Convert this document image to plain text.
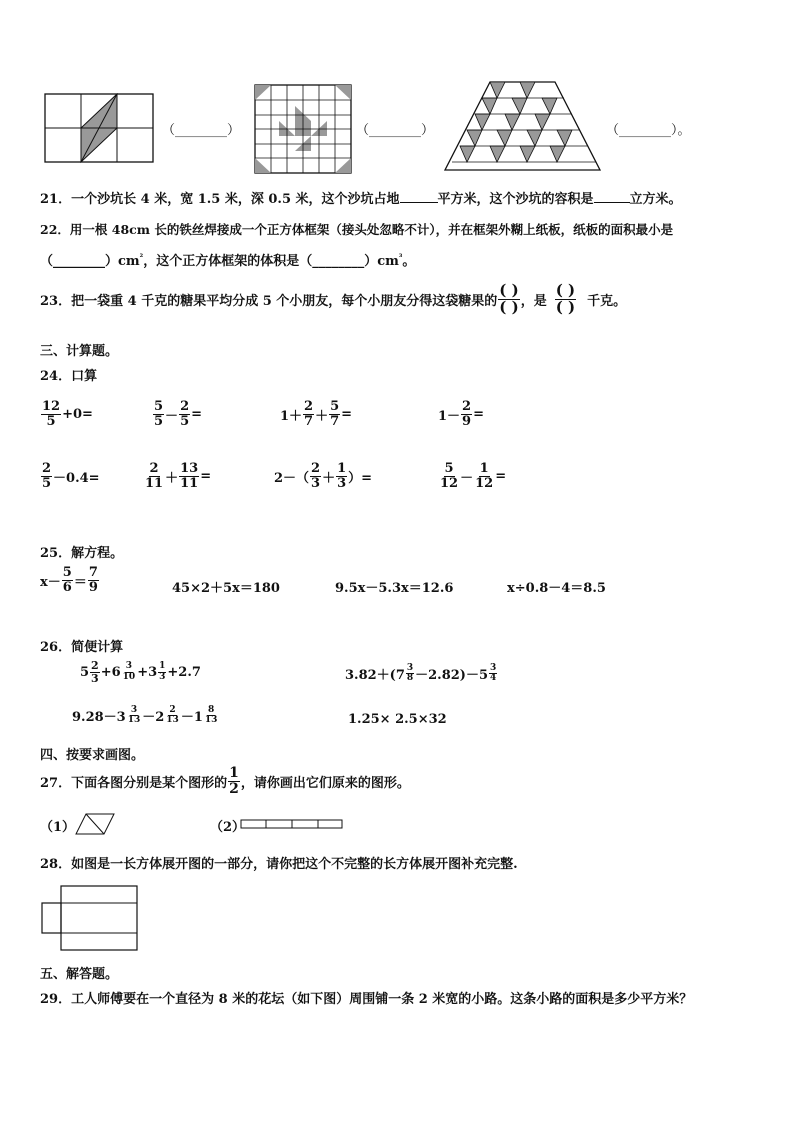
（________）	（________）	（________）。
21．一个沙坑长 4 米，宽 1.5 米，深 0.5 米，这个沙坑占地	平方米，这个沙坑的容积是	立方米。
22．用一根 48cm 长的铁丝焊接成一个正方体框架（接头处忽略不计），并在框架外糊上纸板，纸板的面积最小是
$(\_\_\_\_\_\_\_\_)cm^{^2}$，这个正方体框架的体积是$(\_\_\_\_\_\_\_\_)cm^{^3}$。
23． 把一袋重 4 千克的糖果平均分成 5 个小朋友，每个小朋友分得这袋糖果的 $\frac{( )}{( )}$ ，是 $\frac{( )}{( )}$ 千克。
三、计算题。
24．口算
$\frac{12}{5} +0=$	$\frac{5}{5} - \frac{2}{5}$ =	$1+ \frac{2}{7} + \frac{5}{7}$ =	$1- \frac{2}{9}$ =
$\frac{2}{5} -0.4=$	$\frac{2}{11} + \frac{13}{11}$ =	$2-( \frac{2}{3} + \frac{1}{3}$ ）=	$\frac{5}{12} - \frac{1}{12}$ =
25．解方程。
$x- \frac{5}{6} = \frac{7}{9}$	45×2＋5x＝180	9.5x－5.3x＝12.6	x÷0.8－4＝8.5
26．简便计算
$5 \frac{2}{3} +6 \frac{3}{10} +3 \frac{1}{3} +2.7$	$3.82+(7 \frac{3}{8} -2.82)-5 \frac{3}{4}$
$9.28-3 \frac{3}{13} -2 \frac{2}{13} -1 \frac{8}{13}$	1.25× 2.5×32
四、按要求画图。
27．下面各图分别是某个图形的 $\frac{1}{2}$ ，请你画出它们原来的图形。
（1）	（2）
28．如图是一长方体展开图的一部分，请你把这个不完整的长方体展开图补充完整.
五、解答题。
29．工人师傅要在一个直径为 8 米的花坛（如下图）周围铺一条 2 米宽的小路。这条小路的面积是多少平方米？
